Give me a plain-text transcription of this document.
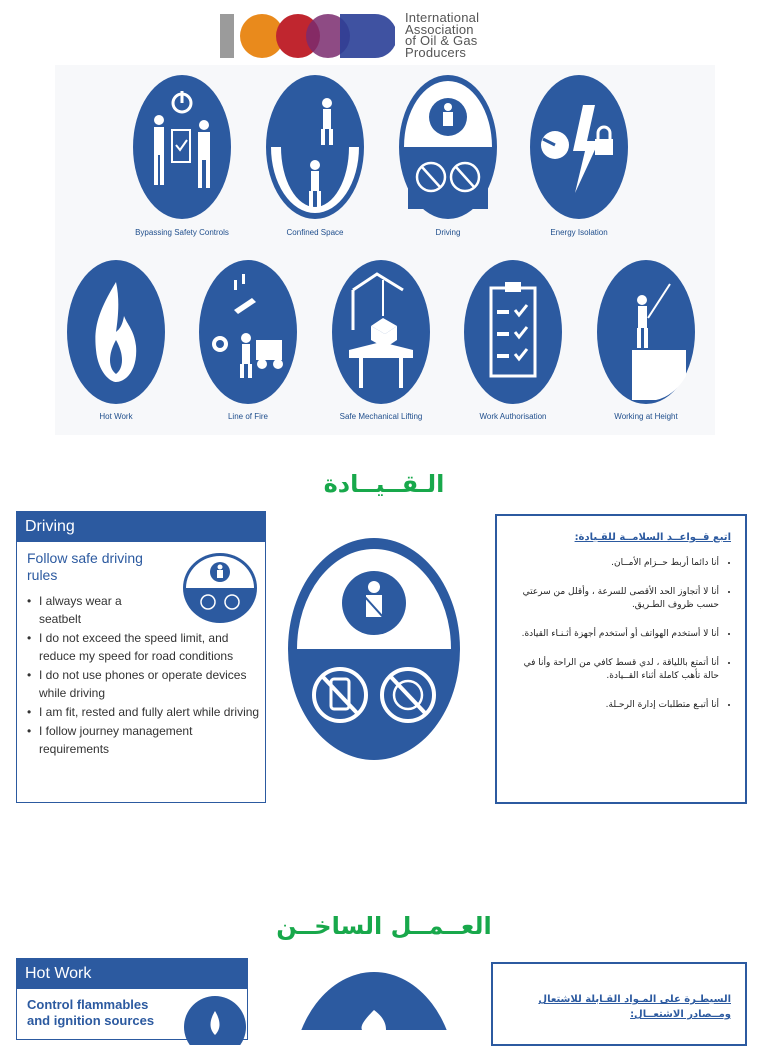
International
Association
of Oil & Gas
Producers
Bypassing Safety Controls	Confined Space	Driving	Energy Isolation
Hot Work	Line of Fire	Safe Mechanical Lifting	Work Authorisation	Working at Height
الـقــيــادة
Driving
Follow safe driving rules
• I always wear a seatbelt
• I do not exceed the speed limit, and reduce my speed for road conditions
• I do not use phones or operate devices while driving
• I am fit, rested and fully alert while driving
• I follow journey management requirements
اتبع قــواعــد السلامــة للقـيادة:
• أنا دائما أربط حــزام الأمــان.
• أنا لا أتجاوز الحد الأقصى للسرعة ، وأقلل من سرعتي حسب ظروف الطـريق.
• أنا لا أستخدم الهواتف أو أستخدم أجهزة أثـنـاء القيادة.
• أنا أتمتع باللياقة ، لدي قسط كافي من الراحة وأنا في حالة تأهب كاملة أثناء القــيادة.
• أنا أتبـع متطلبات إدارة الرحـلة.
العــمــل الساخــن
Hot Work
Control flammables and ignition sources
السيطـرة على المـواد القـابلة للاشتعال ومــصادر الاشتعــال:
